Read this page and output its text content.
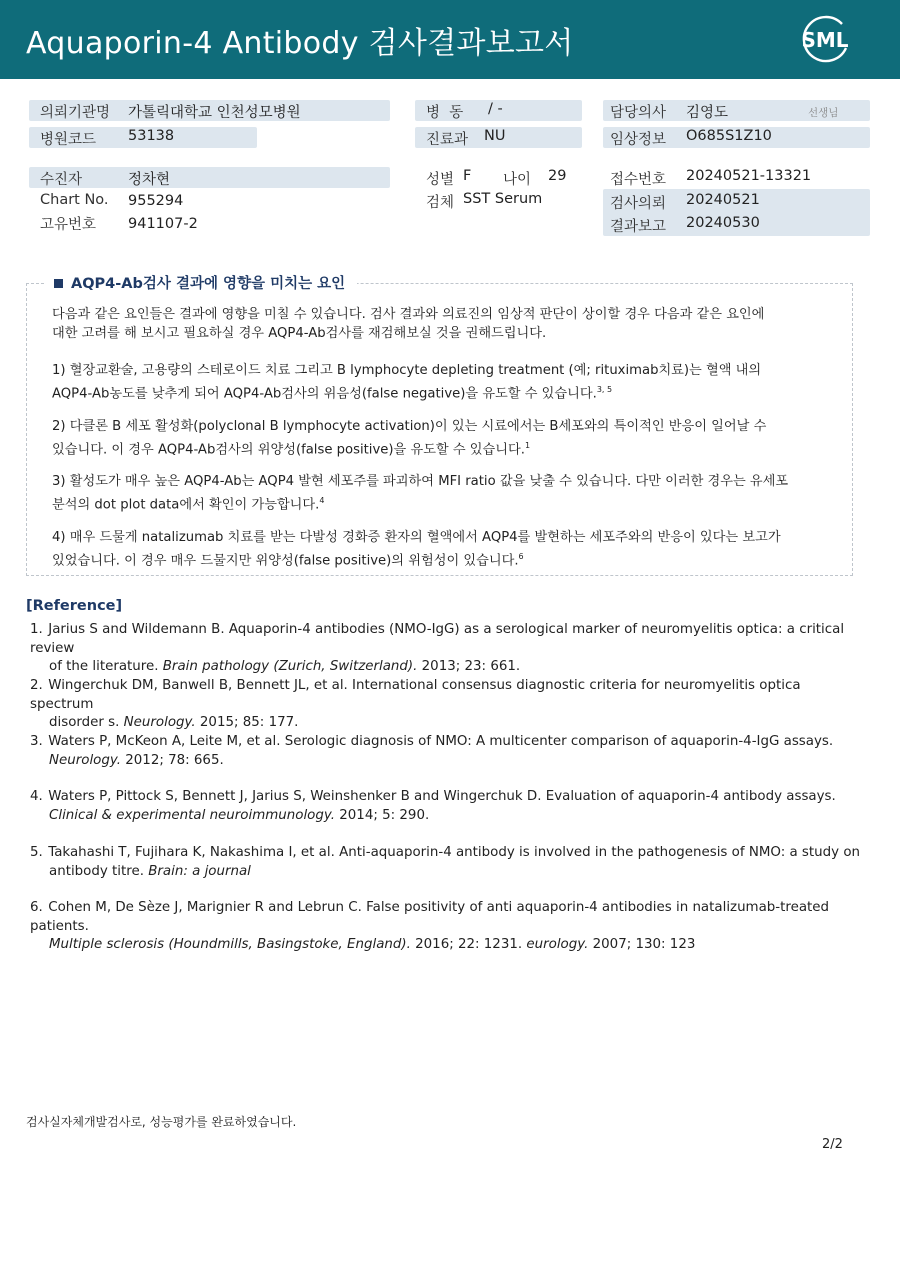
Aquaporin-4 Antibody 검사결과보고서	SML
의뢰기관명 가톨릭대학교 인천성모병원
병원코드 53138
병  동 / -
진료과 NU
담당의사 김영도	선생님
임상정보 O685S1Z10
수진자	정차현
Chart No. 955294
고유번호 941107-2
성별 F 나이 29
검체 SST Serum
접수번호 20240521-13321
검사의뢰 20240521
결과보고 20240530
AQP4-Ab검사 결과에 영향을 미치는 요인
다음과 같은 요인들은 결과에 영향을 미칠 수 있습니다. 검사 결과와 의료진의 임상적 판단이 상이할 경우 다음과 같은 요인에
대한 고려를 해 보시고 필요하실 경우 AQP4-Ab검사를 재검해보실 것을 권해드립니다.
1) 혈장교환술, 고용량의 스테로이드 치료 그리고 B lymphocyte depleting treatment (예; rituximab치료)는 혈액 내의
AQP4-Ab농도를 낮추게 되어 AQP4-Ab검사의 위음성(false negative)을 유도할 수 있습니다.$^{3, 5}$
2) 다클론 B 세포 활성화(polyclonal B lymphocyte activation)이 있는 시료에서는 B세포와의 특이적인 반응이 일어날 수
있습니다. 이 경우 AQP4-Ab검사의 위양성(false positive)을 유도할 수 있습니다.$^1$
3) 활성도가 매우 높은 AQP4-Ab는 AQP4 발현 세포주를 파괴하여 MFI ratio 값을 낮출 수 있습니다. 다만 이러한 경우는 유세포
분석의 dot plot data에서 확인이 가능합니다.$^4$
4) 매우 드물게 natalizumab 치료를 받는 다발성 경화증 환자의 혈액에서 AQP4를 발현하는 세포주와의 반응이 있다는 보고가
있었습니다. 이 경우 매우 드물지만 위양성(false positive)의 위험성이 있습니다.$^6$
[Reference]
1. Jarius S and Wildemann B. Aquaporin-4 antibodies (NMO-IgG) as a serological marker of neuromyelitis optica: a critical review
of the literature. Brain pathology (Zurich, Switzerland). 2013; 23: 661.
2. Wingerchuk DM, Banwell B, Bennett JL, et al. International consensus diagnostic criteria for neuromyelitis optica spectrum
disorder s. Neurology. 2015; 85: 177.
3. Waters P, McKeon A, Leite M, et al. Serologic diagnosis of NMO: A multicenter comparison of aquaporin-4-IgG assays.
Neurology. 2012; 78: 665.
4. Waters P, Pittock S, Bennett J, Jarius S, Weinshenker B and Wingerchuk D. Evaluation of aquaporin-4 antibody assays.
Clinical & experimental neuroimmunology. 2014; 5: 290.
5. Takahashi T, Fujihara K, Nakashima I, et al. Anti-aquaporin-4 antibody is involved in the pathogenesis of NMO: a study on
antibody titre. Brain: a journal
6. Cohen M, De Sèze J, Marignier R and Lebrun C. False positivity of anti aquaporin-4 antibodies in natalizumab-treated patients.
Multiple sclerosis (Houndmills, Basingstoke, England). 2016; 22: 1231. eurology. 2007; 130: 123
검사실자체개발검사로, 성능평가를 완료하였습니다.
2/2
